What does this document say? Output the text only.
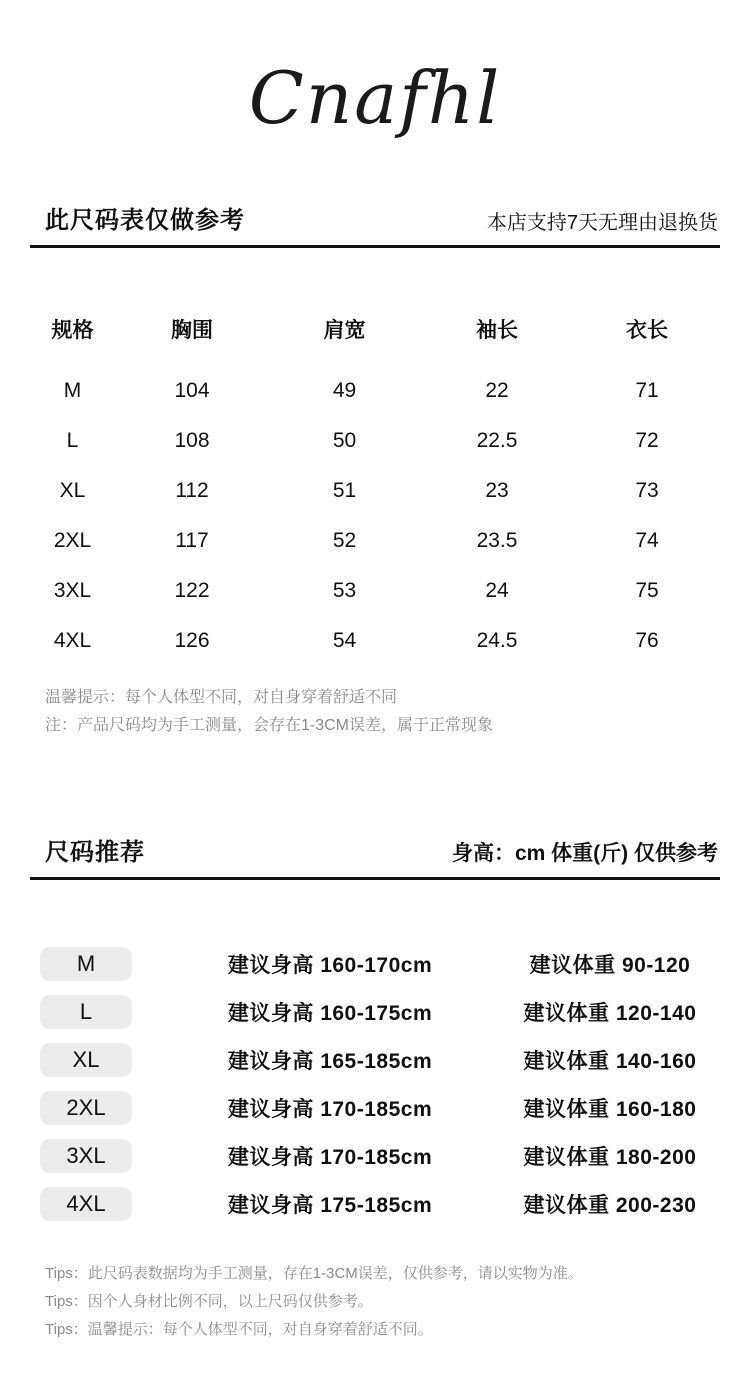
Cnafhl
此尺码表仅做参考	本店支持7天无理由退换货
规格	胸围	肩宽	袖长	衣长
M	104	49	22	71
L	108	50	22.5	72
XL	112	51	23	73
2XL	117	52	23.5	74
3XL	122	53	24	75
4XL	126	54	24.5	76
温馨提示：每个人体型不同，对自身穿着舒适不同
注：产品尺码均为手工测量，会存在1-3CM误差，属于正常现象
尺码推荐	身高：cm 体重(斤) 仅供参考
M	建议身高 160-170cm	建议体重 90-120
L	建议身高 160-175cm	建议体重 120-140
XL	建议身高 165-185cm	建议体重 140-160
2XL	建议身高 170-185cm	建议体重 160-180
3XL	建议身高 170-185cm	建议体重 180-200
4XL	建议身高 175-185cm	建议体重 200-230
Tips：此尺码表数据均为手工测量，存在1-3CM误差，仅供参考，请以实物为准。
Tips：因个人身材比例不同，以上尺码仅供参考。
Tips：温馨提示：每个人体型不同，对自身穿着舒适不同。
